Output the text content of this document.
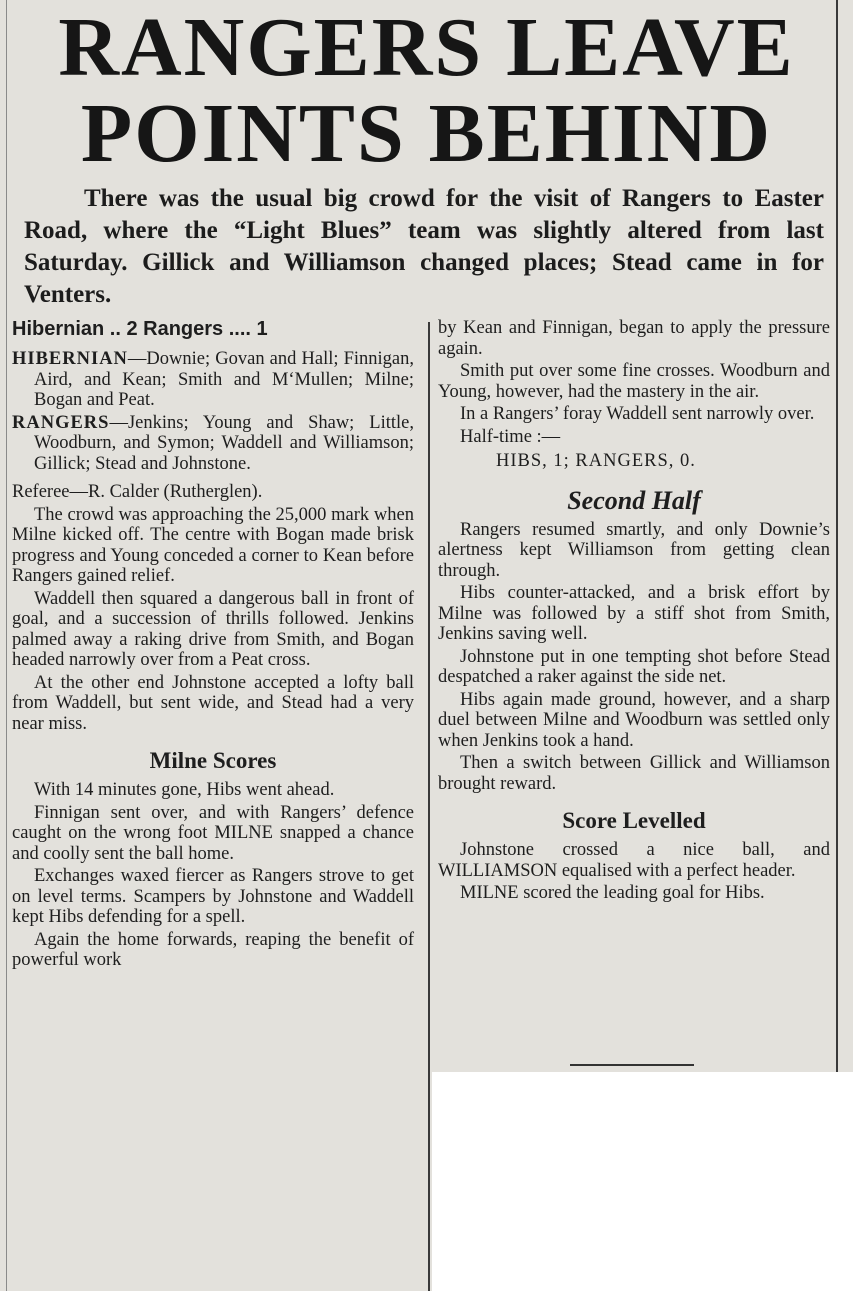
RANGERS LEAVE
POINTS BEHIND

There was the usual big crowd for the visit of Rangers to Easter Road, where the “Light Blues” team was slightly altered from last Saturday. Gillick and Williamson changed places; Stead came in for Venters.

Hibernian .. 2 Rangers .... 1

HIBERNIAN—Downie; Govan and Hall; Finnigan, Aird, and Kean; Smith and M‘Mullen; Milne; Bogan and Peat.

RANGERS—Jenkins; Young and Shaw; Little, Woodburn, and Symon; Waddell and Williamson; Gillick; Stead and Johnstone.

Referee—R. Calder (Rutherglen).

The crowd was approaching the 25,000 mark when Milne kicked off. The centre with Bogan made brisk progress and Young conceded a corner to Kean before Rangers gained relief.

Waddell then squared a dangerous ball in front of goal, and a succession of thrills followed. Jenkins palmed away a raking drive from Smith, and Bogan headed narrowly over from a Peat cross.

At the other end Johnstone accepted a lofty ball from Waddell, but sent wide, and Stead had a very near miss.

Milne Scores

With 14 minutes gone, Hibs went ahead.

Finnigan sent over, and with Rangers’ defence caught on the wrong foot MILNE snapped a chance and coolly sent the ball home.

Exchanges waxed fiercer as Rangers strove to get on level terms. Scampers by Johnstone and Waddell kept Hibs defending for a spell.

Again the home forwards, reaping the benefit of powerful work

by Kean and Finnigan, began to apply the pressure again.

Smith put over some fine crosses. Woodburn and Young, however, had the mastery in the air.

In a Rangers’ foray Waddell sent narrowly over.

Half-time :—

HIBS, 1; RANGERS, 0.

Second Half

Rangers resumed smartly, and only Downie’s alertness kept Williamson from getting clean through.

Hibs counter-attacked, and a brisk effort by Milne was followed by a stiff shot from Smith, Jenkins saving well.

Johnstone put in one tempting shot before Stead despatched a raker against the side net.

Hibs again made ground, however, and a sharp duel between Milne and Woodburn was settled only when Jenkins took a hand.

Then a switch between Gillick and Williamson brought reward.

Score Levelled

Johnstone crossed a nice ball, and WILLIAMSON equalised with a perfect header.

MILNE scored the leading goal for Hibs.
